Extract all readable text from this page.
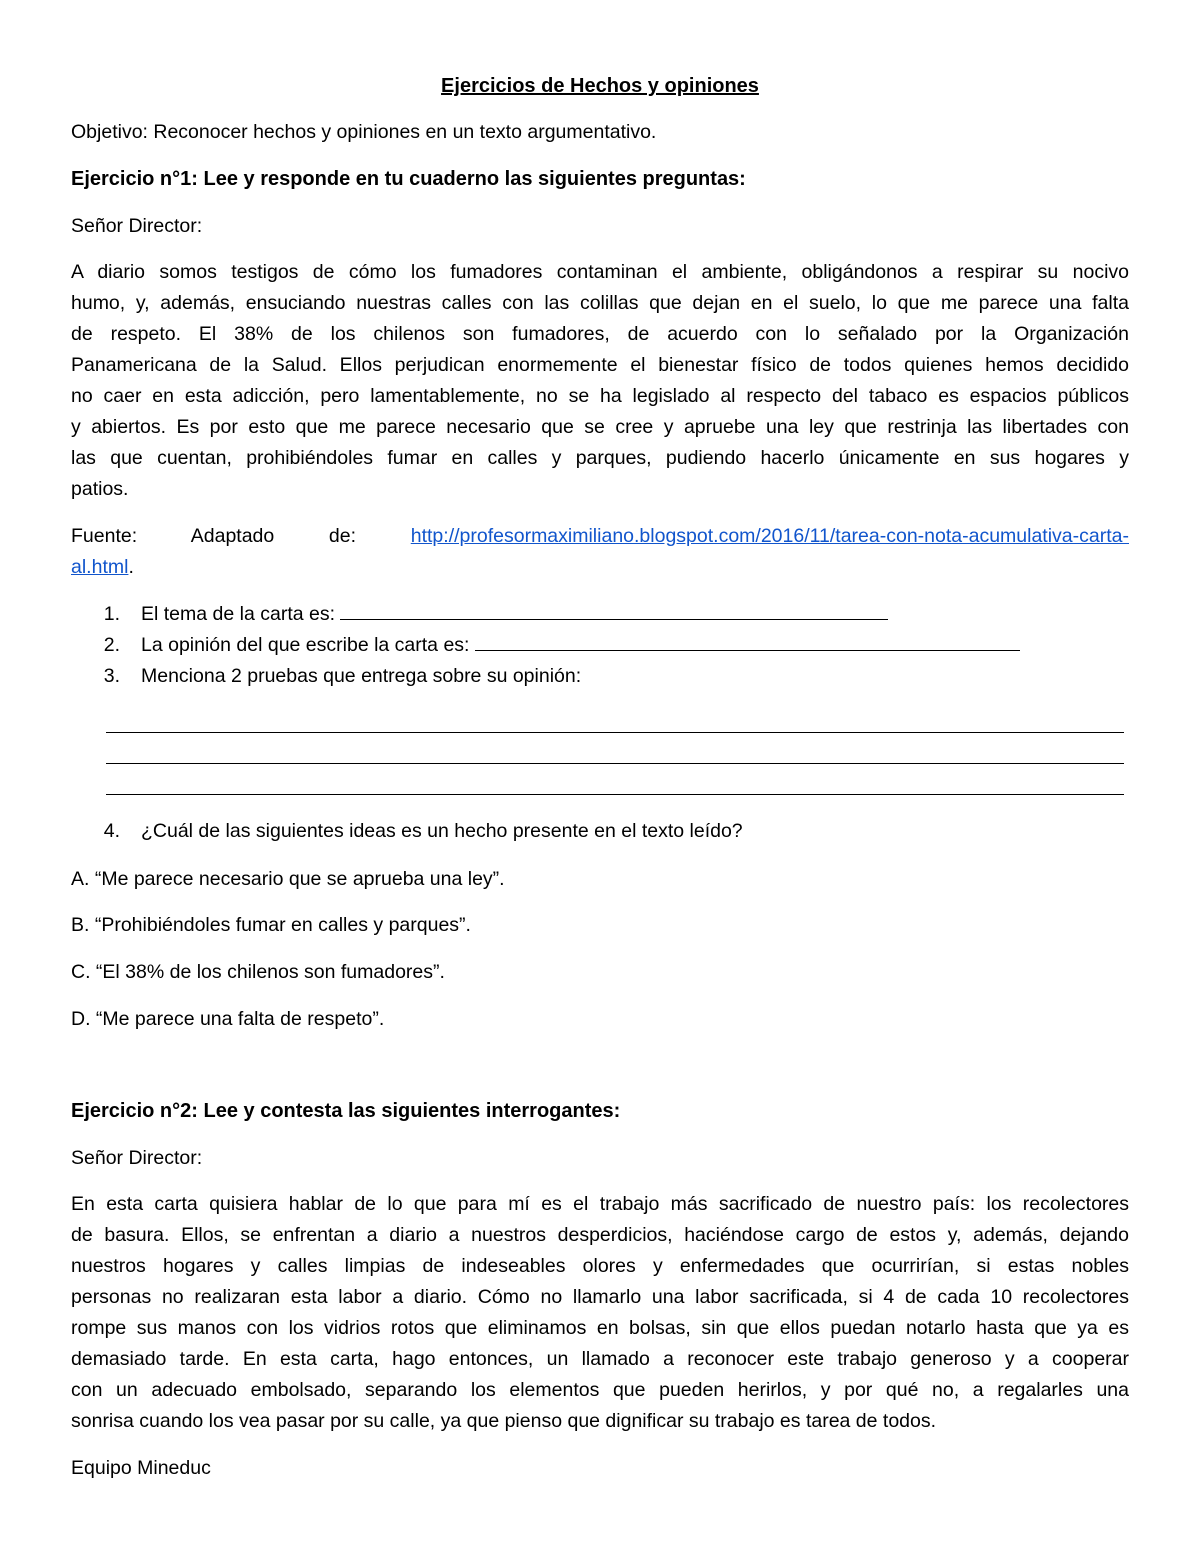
Ejercicios de Hechos y opiniones
Objetivo: Reconocer hechos y opiniones en un texto argumentativo.
Ejercicio n°1: Lee y responde en tu cuaderno las siguientes preguntas:
Señor Director:
A diario somos testigos de cómo los fumadores contaminan el ambiente, obligándonos a respirar su nocivo
humo, y, además, ensuciando nuestras calles con las colillas que dejan en el suelo, lo que me parece una falta
de respeto. El 38% de los chilenos son fumadores, de acuerdo con lo señalado por la Organización
Panamericana de la Salud. Ellos perjudican enormemente el bienestar físico de todos quienes hemos decidido
no caer en esta adicción, pero lamentablemente, no se ha legislado al respecto del tabaco es espacios públicos
y abiertos. Es por esto que me parece necesario que se cree y apruebe una ley que restrinja las libertades con
las que cuentan, prohibiéndoles fumar en calles y parques, pudiendo hacerlo únicamente en sus hogares y
patios.
Fuente: Adaptado de:	http://profesormaximiliano.blogspot.com/2016/11/tarea-con-nota-acumulativa-carta-
al.html.
1. El tema de la carta es:
2. La opinión del que escribe la carta es:
3. Menciona 2 pruebas que entrega sobre su opinión:
4. ¿Cuál de las siguientes ideas es un hecho presente en el texto leído?
A. “Me parece necesario que se aprueba una ley”.
B. “Prohibiéndoles fumar en calles y parques”.
C. “El 38% de los chilenos son fumadores”.
D. “Me parece una falta de respeto”.
Ejercicio n°2: Lee y contesta las siguientes interrogantes:
Señor Director:
En esta carta quisiera hablar de lo que para mí es el trabajo más sacrificado de nuestro país: los recolectores
de basura. Ellos, se enfrentan a diario a nuestros desperdicios, haciéndose cargo de estos y, además, dejando
nuestros hogares y calles limpias de indeseables olores y enfermedades que ocurrirían, si estas nobles
personas no realizaran esta labor a diario. Cómo no llamarlo una labor sacrificada, si 4 de cada 10 recolectores
rompe sus manos con los vidrios rotos que eliminamos en bolsas, sin que ellos puedan notarlo hasta que ya es
demasiado tarde. En esta carta, hago entonces, un llamado a reconocer este trabajo generoso y a cooperar
con un adecuado embolsado, separando los elementos que pueden herirlos, y por qué no, a regalarles una
sonrisa cuando los vea pasar por su calle, ya que pienso que dignificar su trabajo es tarea de todos.
Equipo Mineduc
